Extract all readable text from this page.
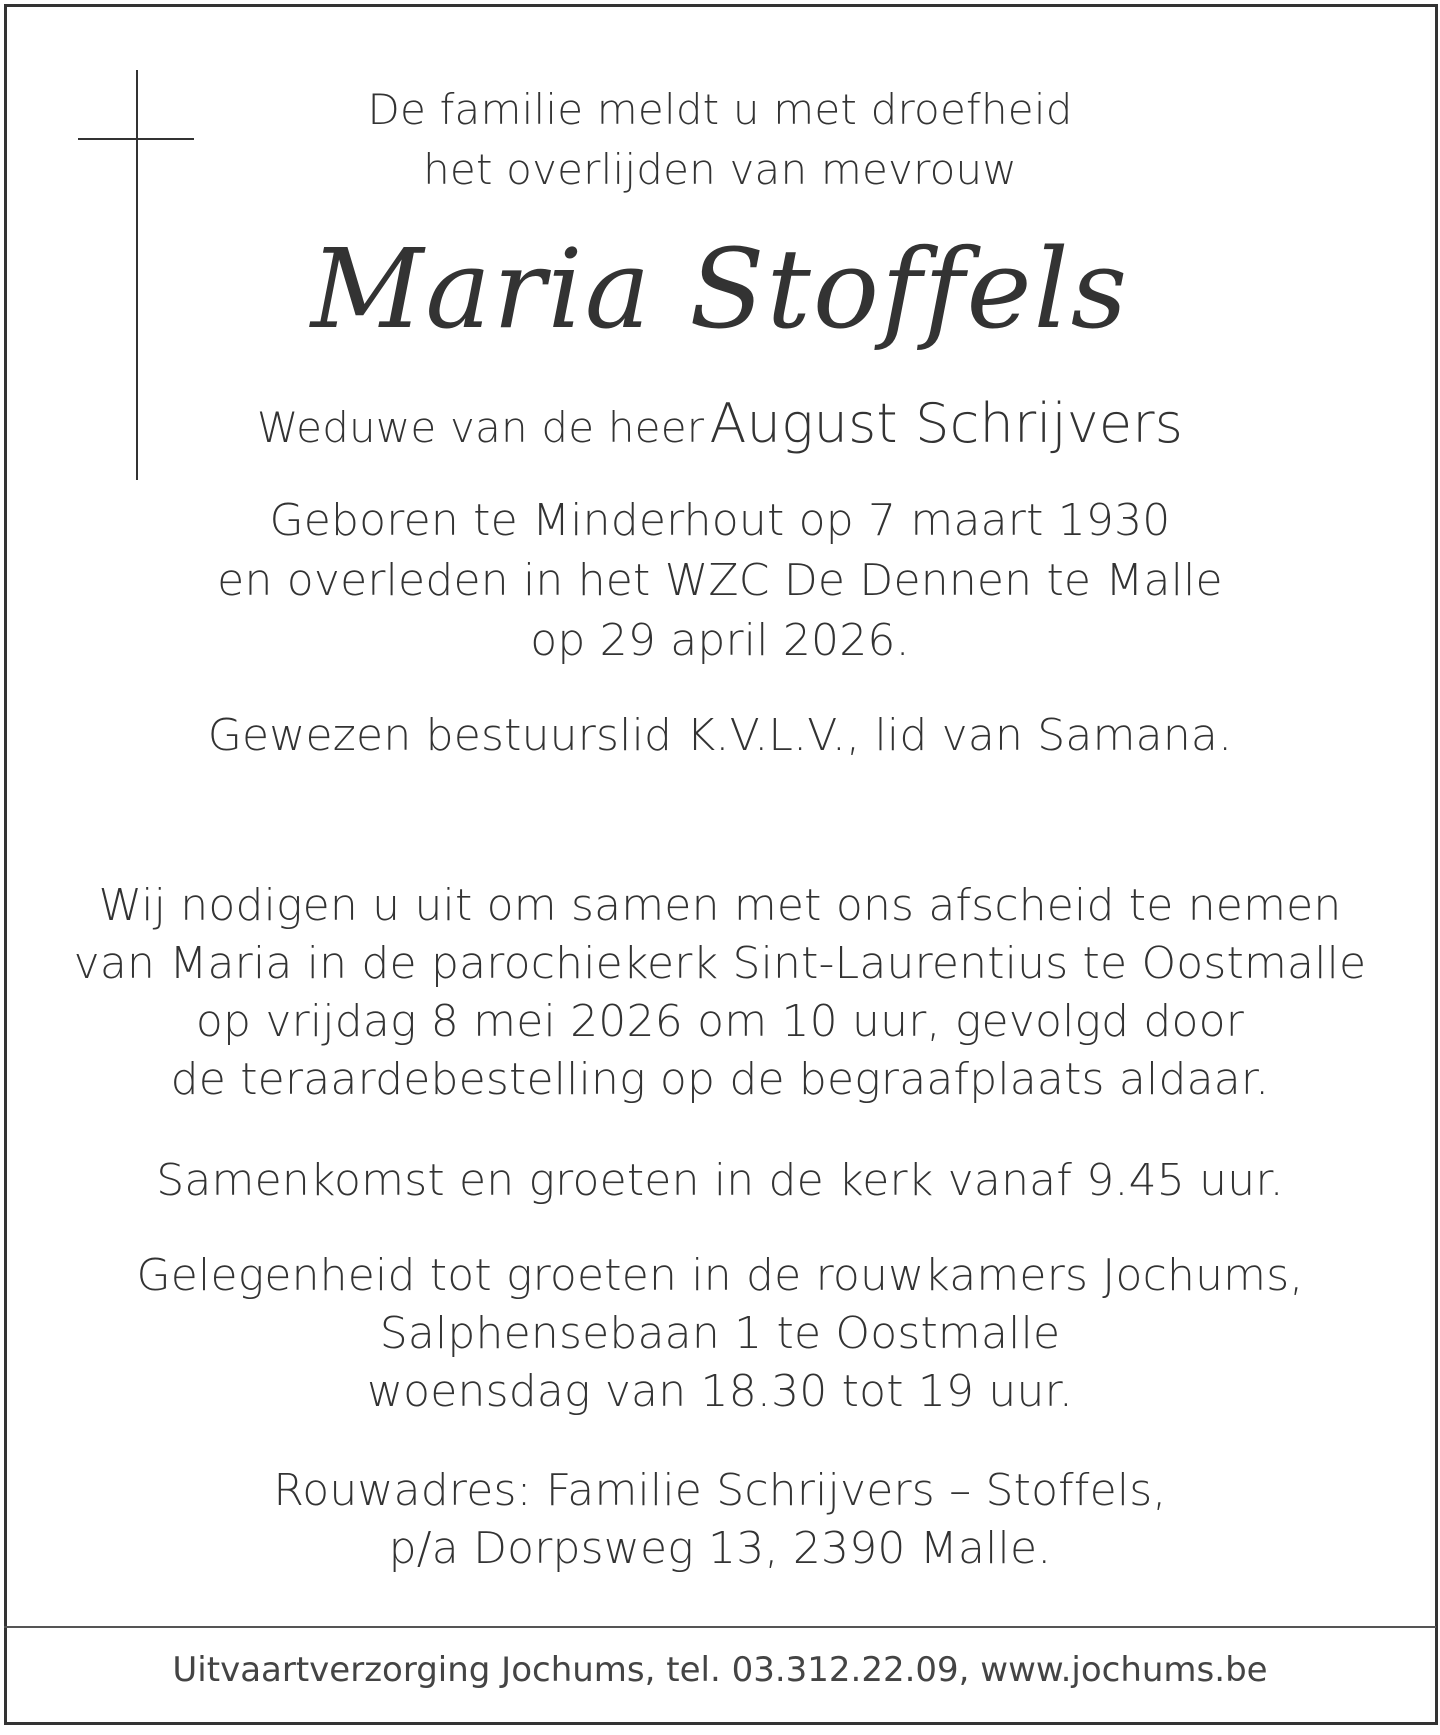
De familie meldt u met droefheid
het overlijden van mevrouw
Maria Stoffels
Weduwe van de heer August Schrijvers
Geboren te Minderhout op 7 maart 1930
en overleden in het WZC De Dennen te Malle
op 29 april 2026.
Gewezen bestuurslid K.V.L.V., lid van Samana.
Wij nodigen u uit om samen met ons afscheid te nemen
van Maria in de parochiekerk Sint-Laurentius te Oostmalle
op vrijdag 8 mei 2026 om 10 uur, gevolgd door
de teraardebestelling op de begraafplaats aldaar.
Samenkomst en groeten in de kerk vanaf 9.45 uur.
Gelegenheid tot groeten in de rouwkamers Jochums,
Salphensebaan 1 te Oostmalle
woensdag van 18.30 tot 19 uur.
Rouwadres: Familie Schrijvers – Stoffels,
p/a Dorpsweg 13, 2390 Malle.
Uitvaartverzorging Jochums, tel. 03.312.22.09, www.jochums.be
